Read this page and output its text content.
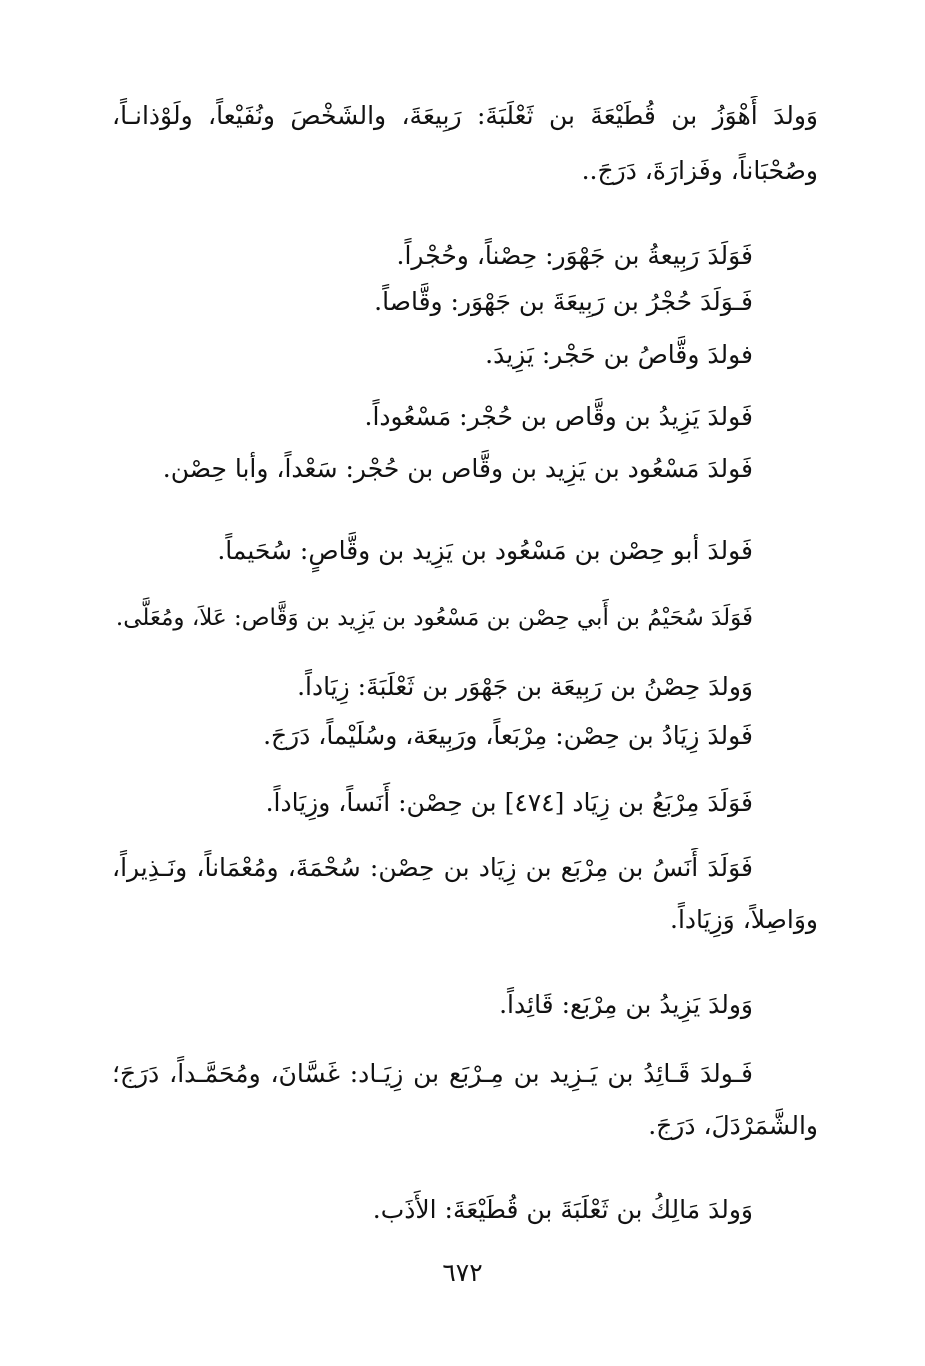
وَولدَ أَهْوَزُ بن قُطَيْعَةَ بن ثَعْلَبَةَ: رَبِيعَةَ، والشَخْصَ ونُفَيْعاً، ولَوْذانـاً،
وصُحْبَاناً، وفَزارَةَ، دَرَجَ..
فَوَلَدَ رَبِيعةُ بن جَهْوَر: حِصْناً، وحُجْراً.
فَـوَلَدَ حُجْرُ بن رَبِيعَةَ بن جَهْوَر: وقَّاصاً.
فولدَ وقَّاصُ بن حَجْر: يَزِيدَ.
فَولدَ يَزِيدُ بن وقَّاص بن حُجْر: مَسْعُوداً.
فَولدَ مَسْعُود بن يَزِيد بن وقَّاص بن حُجْر: سَعْداً، وأبا حِصْن.
فَولدَ أبو حِصْن بن مَسْعُود بن يَزِيد بن وقَّاصٍ: سُحَيماً.
فَوَلَدَ سُحَيْمُ بن أَبي حِصْن بن مَسْعُود بن يَزِيد بن وَقَّاص: عَلاَ، ومُعَلَّى.
وَولدَ حِصْنُ بن رَبِيعَة بن جَهْوَر بن ثَعْلَبَةَ: زِيَاداً.
فَولدَ زِيَادُ بن حِصْن: مِرْبَعاً، ورَبِيعَة، وسُلَيْماً، دَرَجَ.
فَوَلَدَ مِرْبَعُ بن زِيَاد [٤٧٤] بن حِصْن: أَنَساً، وزِيَاداً.
فَوَلَدَ أَنَسُ بن مِرْبَع بن زِيَاد بن حِصْن: سُحْمَةَ، ومُعْمَاناً، ونَـذِيراً،
ووَاصِلاً، وَزِيَاداً.
وَولدَ يَزِيدُ بن مِرْبَع: قَائِداً.
فَـولدَ قَـائِدُ بن يَـزِيد بن مِـرْبَع بن زِيَـاد: غَسَّانَ، ومُحَمَّـداً، دَرَجَ؛
والشَّمَرْدَلَ، دَرَجَ.
وَولدَ مَالِكُ بن ثَعْلَبَةَ بن قُطَيْعَةَ: الأَذَب.
٦٧٢
